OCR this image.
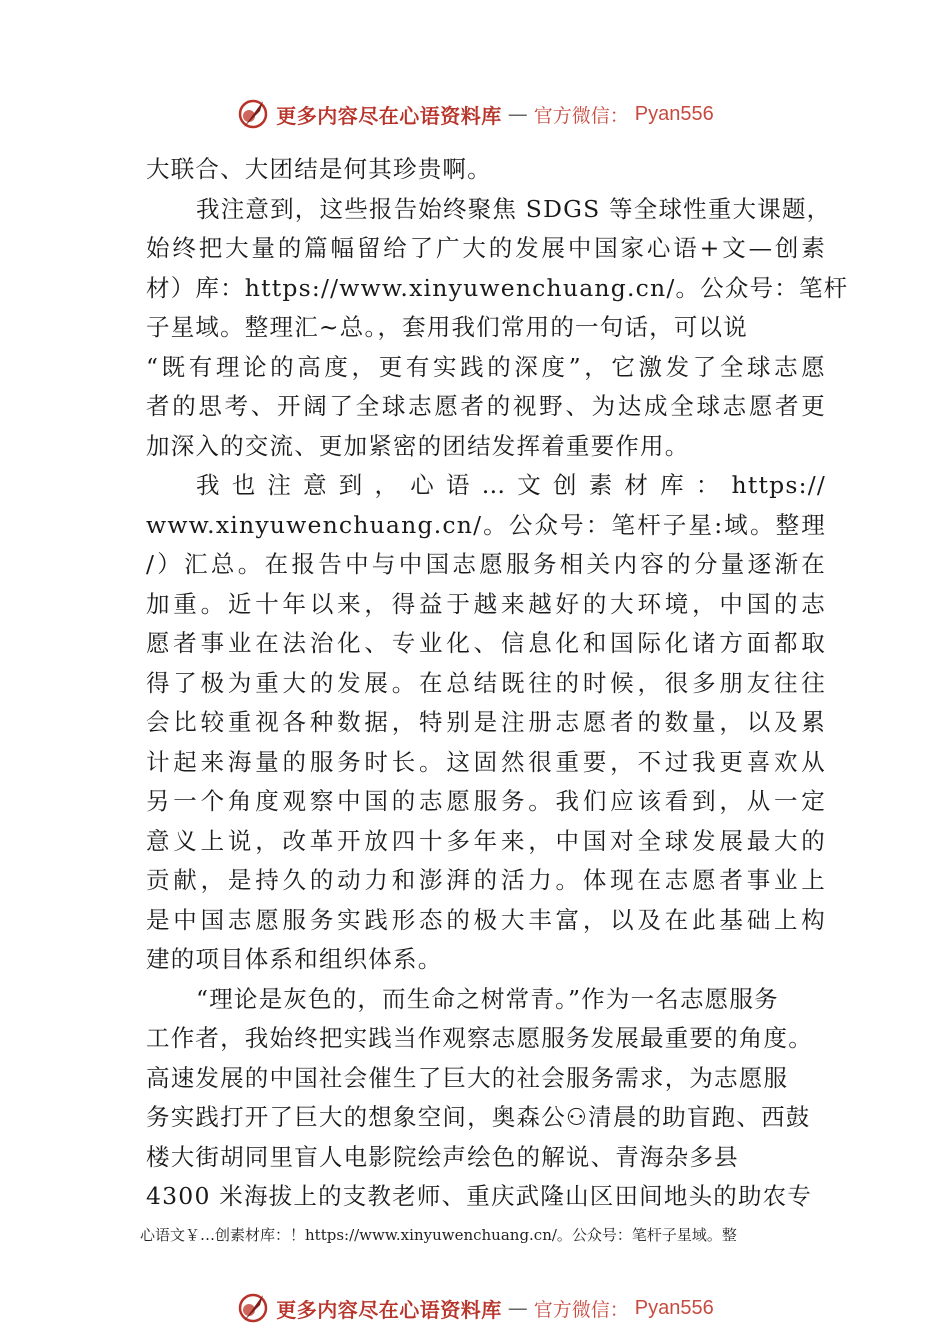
更多内容尽在心语资料库 — 官方微信： Pyan556
大联合、大团结是何其珍贵啊。
我注意到，这些报告始终聚焦 SDGS 等全球性重大课题，
始终把大量的篇幅留给了广大的发展中国家心语+文—创素
材）库：https://www.xinyuwenchuang.cn/。公众号：笔杆
子星域。整理汇~总。，套用我们常用的一句话，可以说
“既有理论的高度，更有实践的深度”，它激发了全球志愿
者的思考、开阔了全球志愿者的视野、为达成全球志愿者更
加深入的交流、更加紧密的团结发挥着重要作用。
我也注意到，心语…文创素材库：https://
www.xinyuwenchuang.cn/。公众号：笔杆子星:域。整理
/）汇总。在报告中与中国志愿服务相关内容的分量逐渐在
加重。近十年以来，得益于越来越好的大环境，中国的志
愿者事业在法治化、专业化、信息化和国际化诸方面都取
得了极为重大的发展。在总结既往的时候，很多朋友往往
会比较重视各种数据，特别是注册志愿者的数量，以及累
计起来海量的服务时长。这固然很重要，不过我更喜欢从
另一个角度观察中国的志愿服务。我们应该看到，从一定
意义上说，改革开放四十多年来，中国对全球发展最大的
贡献，是持久的动力和澎湃的活力。体现在志愿者事业上
是中国志愿服务实践形态的极大丰富，以及在此基础上构
建的项目体系和组织体系。
“理论是灰色的，而生命之树常青。”作为一名志愿服务
工作者，我始终把实践当作观察志愿服务发展最重要的角度。
高速发展的中国社会催生了巨大的社会服务需求，为志愿服
务实践打开了巨大的想象空间，奥森公⚇清晨的助盲跑、西鼓
楼大街胡同里盲人电影院绘声绘色的解说、青海杂多县
4300 米海拔上的支教老师、重庆武隆山区田间地头的助农专
心语文￥…创素材库：！https://www.xinyuwenchuang.cn/。公众号：笔杆子星域。整
更多内容尽在心语资料库 — 官方微信： Pyan556
